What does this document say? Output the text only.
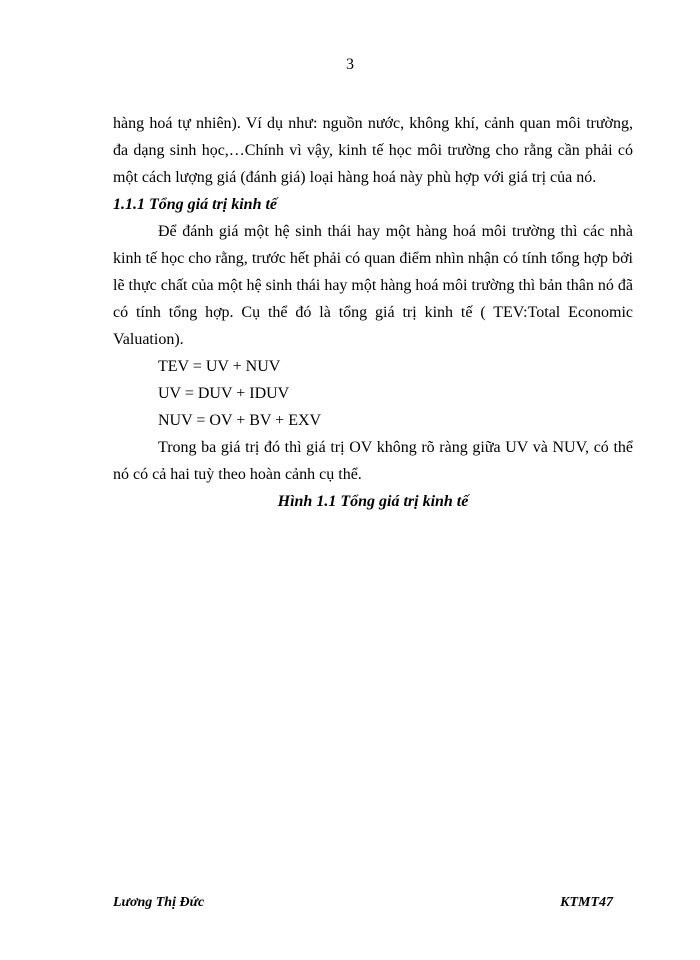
3

hàng hoá tự nhiên). Ví dụ như: nguồn nước, không khí, cảnh quan môi trường, đa dạng sinh học,…Chính vì vậy, kinh tế học môi trường cho rằng cần phải có một cách lượng giá (đánh giá) loại hàng hoá này phù hợp với giá trị của nó.

1.1.1 Tổng giá trị kinh tế

Để đánh giá một hệ sinh thái hay một hàng hoá môi trường thì các nhà kinh tế học cho rằng, trước hết phải có quan điểm nhìn nhận có tính tổng hợp bởi lẽ thực chất của một hệ sinh thái hay một hàng hoá môi trường thì bản thân nó đã có tính tổng hợp. Cụ thể đó là tổng giá trị kinh tế ( TEV:Total Economic Valuation).

TEV = UV + NUV

UV = DUV + IDUV

NUV = OV + BV + EXV

Trong ba giá trị đó thì giá trị OV không rõ ràng giữa UV và NUV, có thể nó có cả hai tuỳ theo hoàn cảnh cụ thể.

Hình 1.1 Tổng giá trị kinh tế

Lương Thị Đức	KTMT47
